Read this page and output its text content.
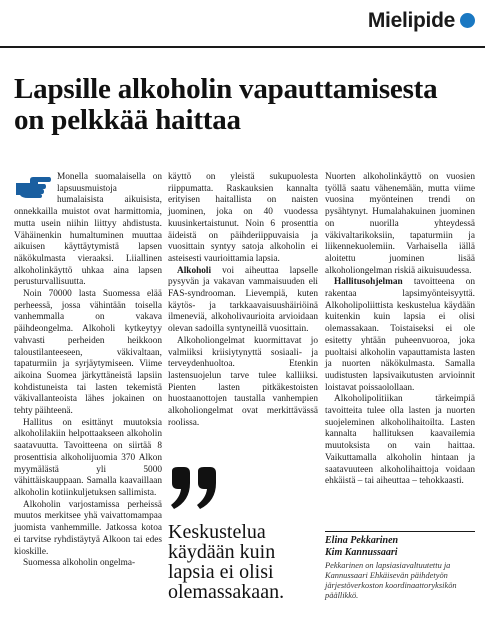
Mielipide
Lapsille alkoholin vapauttamisesta on pelkkää haittaa

Monella suomalaisella on lapsuusmuistoja humalaisista aikuisista, onnekkailla muistot ovat harmittomia, mutta usein niihin liittyy ahdistusta. Vähäinenkin humaltuminen muuttaa aikuisen käyttäytymistä lapsen näkökulmasta vieraaksi. Liiallinen alkoholinkäyttö uhkaa aina lapsen perusturvallisuutta.

Noin 70000 lasta Suomessa elää perheessä, jossa vähintään toisella vanhemmalla on vakava päihdeongelma. Alkoholi kytkeytyy vahvasti perheiden heikkoon taloustilanteeseen, väkivaltaan, tapaturmiin ja syrjäytymiseen. Viime aikoina Suomea järkyttäneistä lapsiin kohdistuneista tai lasten tekemistä väkivallanteoista lähes jokainen on tehty päihteenä.

Hallitus on esittänyt muutoksia alkoholilakiin helpottaakseen alkoholin saatavuutta. Tavoitteena on siirtää 8 prosenttisia alkoholijuomia 370 Alkon myymälästä yli 5000 vähittäiskauppaan. Samalla kaavaillaan alkoholin kotiinkuljetuksen sallimista.

Alkoholin varjostamissa perheissä muutos merkitsee yhä vaivattomampaa juomista vanhemmille. Jatkossa kotoa ei tarvitse ryhdistäytyä Alkoon tai edes kioskille.

Suomessa alkoholin ongelma-

käyttö on yleistä sukupuolesta riippumatta. Raskauksien kannalta erityisen haitallista on naisten juominen, joka on 40 vuodessa kuusinkertaistunut. Noin 6 prosenttia äideistä on päihderiippuvaisia ja vuosittain syntyy satoja alkoholin ei asteisesti vaurioittamia lapsia.

Alkoholi voi aiheuttaa lapselle pysyvän ja vakavan vammaisuuden eli FAS-syndrooman. Lievempiä, kuten käytös- ja tarkkaavaisuushäiriöinä ilmeneviä, alkoholivaurioita arvioidaan olevan sadoilla syntyneillä vuosittain.

Alkoholiongelmat kuormittavat jo valmiiksi kriisiytynyttä sosiaali- ja terveydenhuoltoa. Etenkin lastensuojelun tarve tulee kalliiksi. Pienten lasten pitkäkestoisten huostaanottojen taustalla vanhempien alkoholiongelmat ovat merkittävässä roolissa.

Keskustelua käydään kuin lapsia ei olisi olemassakaan.

Nuorten alkoholinkäyttö on vuosien työllä saatu vähenemään, mutta viime vuosina myönteinen trendi on pysähtynyt. Humalahakuinen juominen on nuorilla yhteydessä väkivaltarikoksiin, tapaturmiin ja liikennekuolemiin. Varhaisella iällä aloitettu juominen lisää alkoholiongelman riskiä aikuisuudessa.

Hallitusohjelman tavoitteena on rakentaa lapsimyönteisyyttä. Alkoholipoliittista keskustelua käydään kuitenkin kuin lapsia ei olisi olemassakaan. Toistaiseksi ei ole esitetty yhtään puheenvuoroa, joka puoltaisi alkoholin vapauttamista lasten ja nuorten näkökulmasta. Samalla uudistusten lapsivaikutusten arvioinnit loistavat poissaolollaan.

Alkoholipolitiikan tärkeimpiä tavoitteita tulee olla lasten ja nuorten suojeleminen alkoholihaitoilta. Lasten kannalta hallituksen kaavailemia muutoksista on vain haittaa. Vaikuttamalla alkoholin hintaan ja saatavuuteen alkoholihaittoja voidaan ehkäistä – tai aiheuttaa – tehokkaasti.

Elina Pekkarinen
Kim Kannussaari
Pekkarinen on lapsiasiavaltuutettu ja Kannussaari Ehkäisevän päihdetyön järjestöverkoston koordinaattoryksikön päällikkö.
